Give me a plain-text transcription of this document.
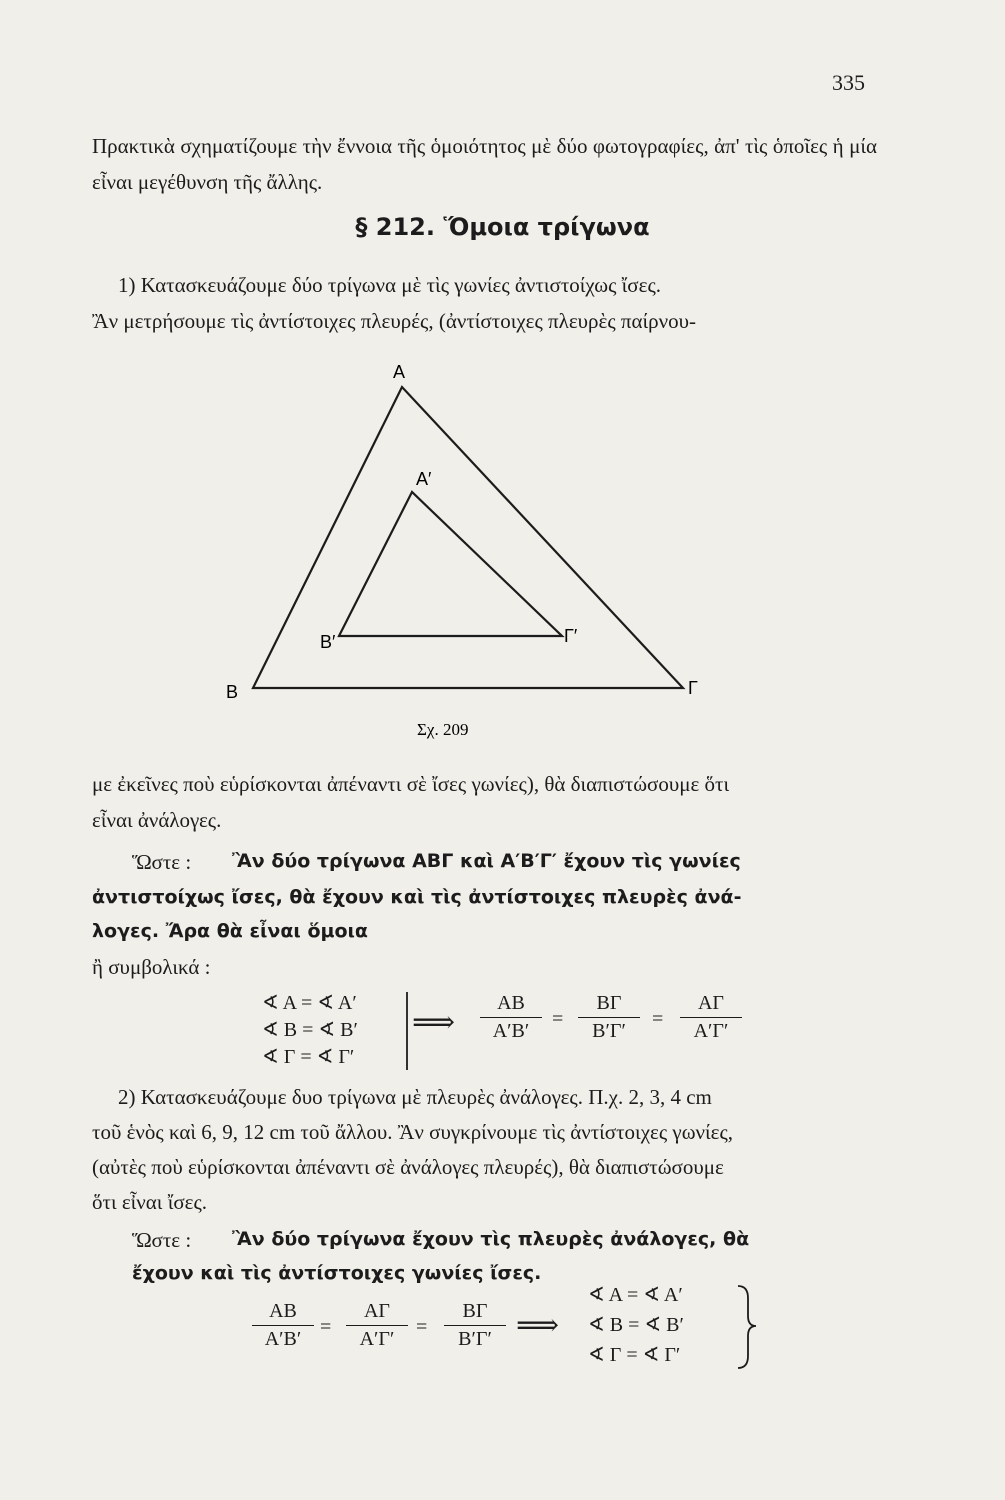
335
Πρακτικὰ σχηματίζουμε τὴν ἔννοια τῆς ὁμοιότητος μὲ δύο φωτογραφίες, ἀπ' τὶς ὁποῖες ἡ μία εἶναι μεγέθυνση τῆς ἄλλης.
§ 212. Ὅμοια τρίγωνα
1) Κατασκευάζουμε δύο τρίγωνα μὲ τὶς γωνίες ἀντιστοίχως ἴσες.
Ἂν μετρήσουμε τὶς ἀντίστοιχες πλευρές, (ἀντίστοιχες πλευρὲς παίρνου-
A
A′
B
B′
Γ
Γ′
Σχ. 209
με ἐκεῖνες ποὺ εὑρίσκονται ἀπέναντι σὲ ἴσες γωνίες), θὰ διαπιστώσουμε ὅτι
εἶναι ἀνάλογες.
Ὥστε : Ἂν δύο τρίγωνα ΑΒΓ καὶ Α′Β′Γ′ ἔχουν τὶς γωνίες
ἀντιστοίχως ἴσες, θὰ ἔχουν καὶ τὶς ἀντίστοιχες πλευρὲς ἀνά-
λογες. Ἄρα θὰ εἶναι ὅμοια
ἢ συμβολικά :
∢ A = ∢ A′
∢ B = ∢ B′
∢ Γ = ∢ Γ′
⟹ $\frac{AB}{A'B'} = \frac{B\Gamma}{B'\Gamma'} = \frac{A\Gamma}{A'\Gamma'}$
2) Κατασκευάζουμε δυο τρίγωνα μὲ πλευρὲς ἀνάλογες. Π.χ. 2, 3, 4 cm
τοῦ ἑνὸς καὶ 6, 9, 12 cm τοῦ ἄλλου. Ἂν συγκρίνουμε τὶς ἀντίστοιχες γωνίες,
(αὐτὲς ποὺ εὑρίσκονται ἀπέναντι σὲ ἀνάλογες πλευρές), θὰ διαπιστώσουμε
ὅτι εἶναι ἴσες.
Ὥστε : Ἂν δύο τρίγωνα ἔχουν τὶς πλευρὲς ἀνάλογες, θὰ
ἔχουν καὶ τὶς ἀντίστοιχες γωνίες ἴσες.
$\frac{AB}{A'B'} = \frac{A\Gamma}{A'\Gamma'} = \frac{B\Gamma}{B'\Gamma'}$ ⟹
∢ A = ∢ A′
∢ B = ∢ B′
∢ Γ = ∢ Γ′
